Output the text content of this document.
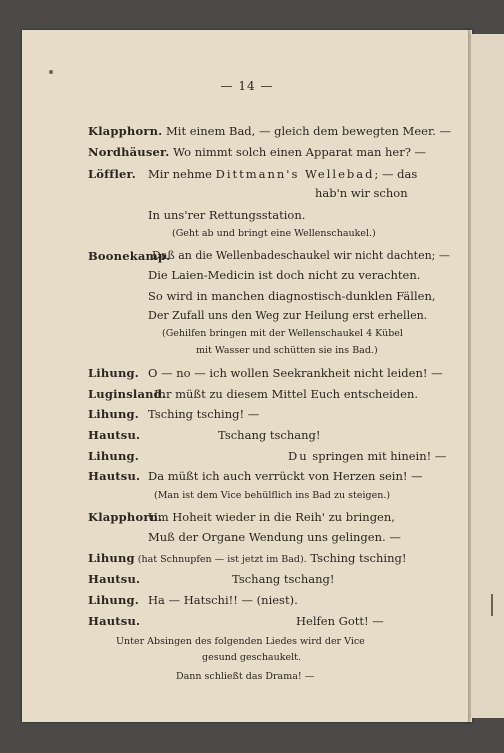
— 14 —
Klapphorn. Mit einem Bad, — gleich dem bewegten Meer. —
Nordhäuser. Wo nimmt solch einen Apparat man her? —
Löffler. Mir nehme Dittmann's Wellebad; — das
hab'n wir schon
In uns'rer Rettungsstation.
(Geht ab und bringt eine Wellenschaukel.)
Boonekamp.
Daß an die Wellenbadeschaukel wir nicht dachten; —
Die Laien-Medicin ist doch nicht zu verachten.
So wird in manchen diagnostisch-dunklen Fällen,
Der Zufall uns den Weg zur Heilung erst erhellen.
(Gehilfen bringen mit der Wellenschaukel 4 Kübel
mit Wasser und schütten sie ins Bad.)
Lihung. O — no — ich wollen Seekrankheit nicht leiden! —
Luginsland.
Ihr müßt zu diesem Mittel Euch entscheiden.
Lihung. Tsching tsching! —
Hautsu.	Tschang tschang!
Lihung.	Du springen mit hinein! —
Hautsu. Da müßt ich auch verrückt von Herzen sein! —
(Man ist dem Vice behülflich ins Bad zu steigen.)
Klapphorn.
Um Hoheit wieder in die Reih' zu bringen,
Muß der Organe Wendung uns gelingen. —
Lihung (hat Schnupfen — ist jetzt im Bad). Tsching tsching!
Hautsu.	Tschang tschang!
Lihung. Ha — Hatschi!! — (niest).
Hautsu.	Helfen Gott! —
Unter Absingen des folgenden Liedes wird der Vice
gesund geschaukelt.
Dann schließt das Drama! —
